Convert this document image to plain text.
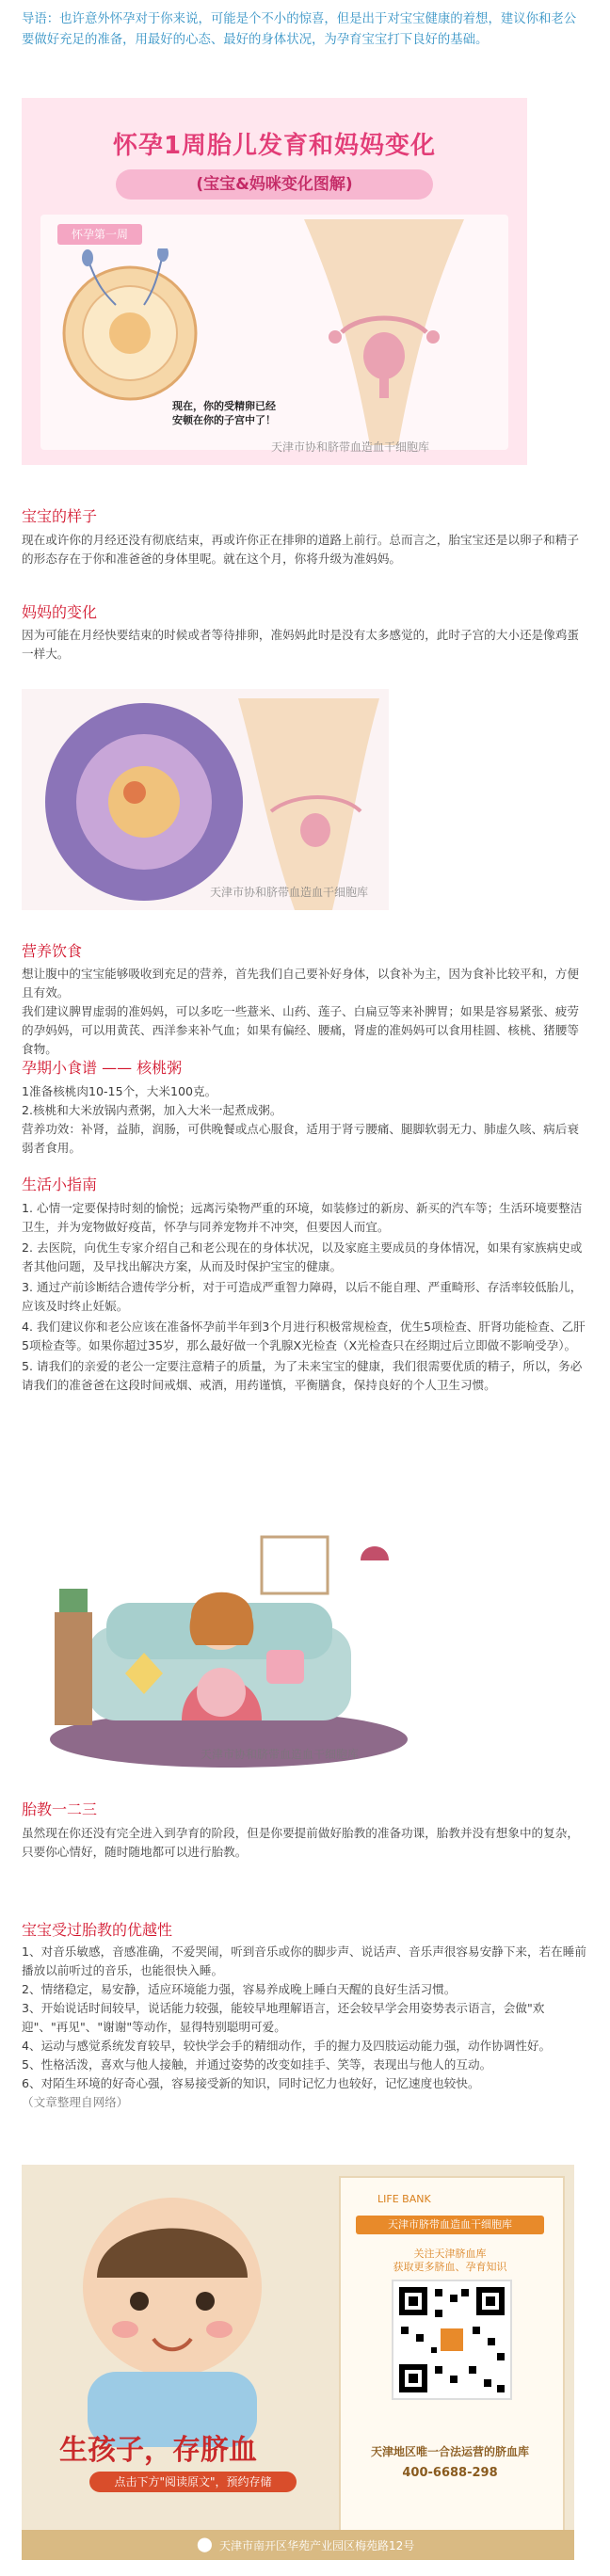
导语：也许意外怀孕对于你来说，可能是个不小的惊喜，但是出于对宝宝健康的着想，建议你和老公要做好充足的准备，用最好的心态、最好的身体状况，为孕育宝宝打下良好的基础。

怀孕1周胎儿发育和妈妈变化
(宝宝&妈咪变化图解)
怀孕第一周
现在，你的受精卵已经安顿在你的子宫中了！
天津市协和脐带血造血干细胞库
宝宝的样子

现在或许你的月经还没有彻底结束，再或许你正在排卵的道路上前行。总而言之，胎宝宝还是以卵子和精子的形态存在于你和准爸爸的身体里呢。就在这个月，你将升级为准妈妈。

妈妈的变化

因为可能在月经快要结束的时候或者等待排卵，准妈妈此时是没有太多感觉的，此时子宫的大小还是像鸡蛋一样大。

天津市协和脐带血造血干细胞库
营养饮食

想让腹中的宝宝能够吸收到充足的营养，首先我们自己要补好身体，以食补为主，因为食补比较平和，方便且有效。
我们建议脾胃虚弱的准妈妈，可以多吃一些薏米、山药、莲子、白扁豆等来补脾胃；如果是容易紧张、疲劳的孕妈妈，可以用黄芪、西洋参来补气血；如果有偏经、腰痛，肾虚的准妈妈可以食用桂圆、核桃、猪腰等食物。

孕期小食谱 —— 核桃粥

1准备核桃肉10-15个，大米100克。
2.核桃和大米放锅内煮粥，加入大米一起煮成粥。
营养功效：补肾，益肺，润肠，可供晚餐或点心服食，适用于肾亏腰痛、腿脚软弱无力、肺虚久咳、病后衰弱者食用。

生活小指南

1. 心情一定要保持时刻的愉悦；远离污染物严重的环境，如装修过的新房、新买的汽车等；生活环境要整洁卫生，并为宠物做好疫苗，怀孕与同养宠物并不冲突，但要因人而宜。

2. 去医院，向优生专家介绍自己和老公现在的身体状况，以及家庭主要成员的身体情况，如果有家族病史或者其他问题，及早找出解决方案，从而及时保护宝宝的健康。

3. 通过产前诊断结合遗传学分析，对于可造成严重智力障碍，以后不能自理、严重畸形、存活率较低胎儿，应该及时终止妊娠。

4. 我们建议你和老公应该在准备怀孕前半年到3个月进行积极常规检查，优生5项检查、肝肾功能检查、乙肝5项检查等。如果你超过35岁，那么最好做一个乳腺X光检查（X光检查只在经期过后立即做不影响受孕）。

5. 请我们的亲爱的老公一定要注意精子的质量，为了未来宝宝的健康，我们很需要优质的精子，所以，务必请我们的准爸爸在这段时间戒烟、戒酒，用药谨慎，平衡膳食，保持良好的个人卫生习惯。

天津市协和脐带血造血干细胞库
胎教一二三

虽然现在你还没有完全进入到孕育的阶段，但是你要提前做好胎教的准备功课，胎教并没有想象中的复杂，只要你心情好，随时随地都可以进行胎教。

宝宝受过胎教的优越性

1、对音乐敏感，音感准确，不爱哭闹，听到音乐或你的脚步声、说话声、音乐声很容易安静下来，若在睡前播放以前听过的音乐，也能很快入睡。

2、情绪稳定，易安静，适应环境能力强，容易养成晚上睡白天醒的良好生活习惯。

3、开始说话时间较早，说话能力较强，能较早地理解语言，还会较早学会用姿势表示语言，会做"欢迎"、"再见"、"谢谢"等动作，显得特别聪明可爱。

4、运动与感觉系统发育较早，较快学会手的精细动作，手的握力及四肢运动能力强，动作协调性好。

5、性格活泼，喜欢与他人接触，并通过姿势的改变如挂手、笑等，表现出与他人的互动。

6、对陌生环境的好奇心强，容易接受新的知识，同时记忆力也较好，记忆速度也较快。

（文章整理自网络）

LIFE BANK
天津市脐带血造血干细胞库
关注天津脐血库
获取更多脐血、孕育知识
天津地区唯一合法运营的脐血库
400-6688-298
生孩子，存脐血
点击下方"阅读原文"，预约存储
⬤ 天津市南开区华苑产业园区梅苑路12号
